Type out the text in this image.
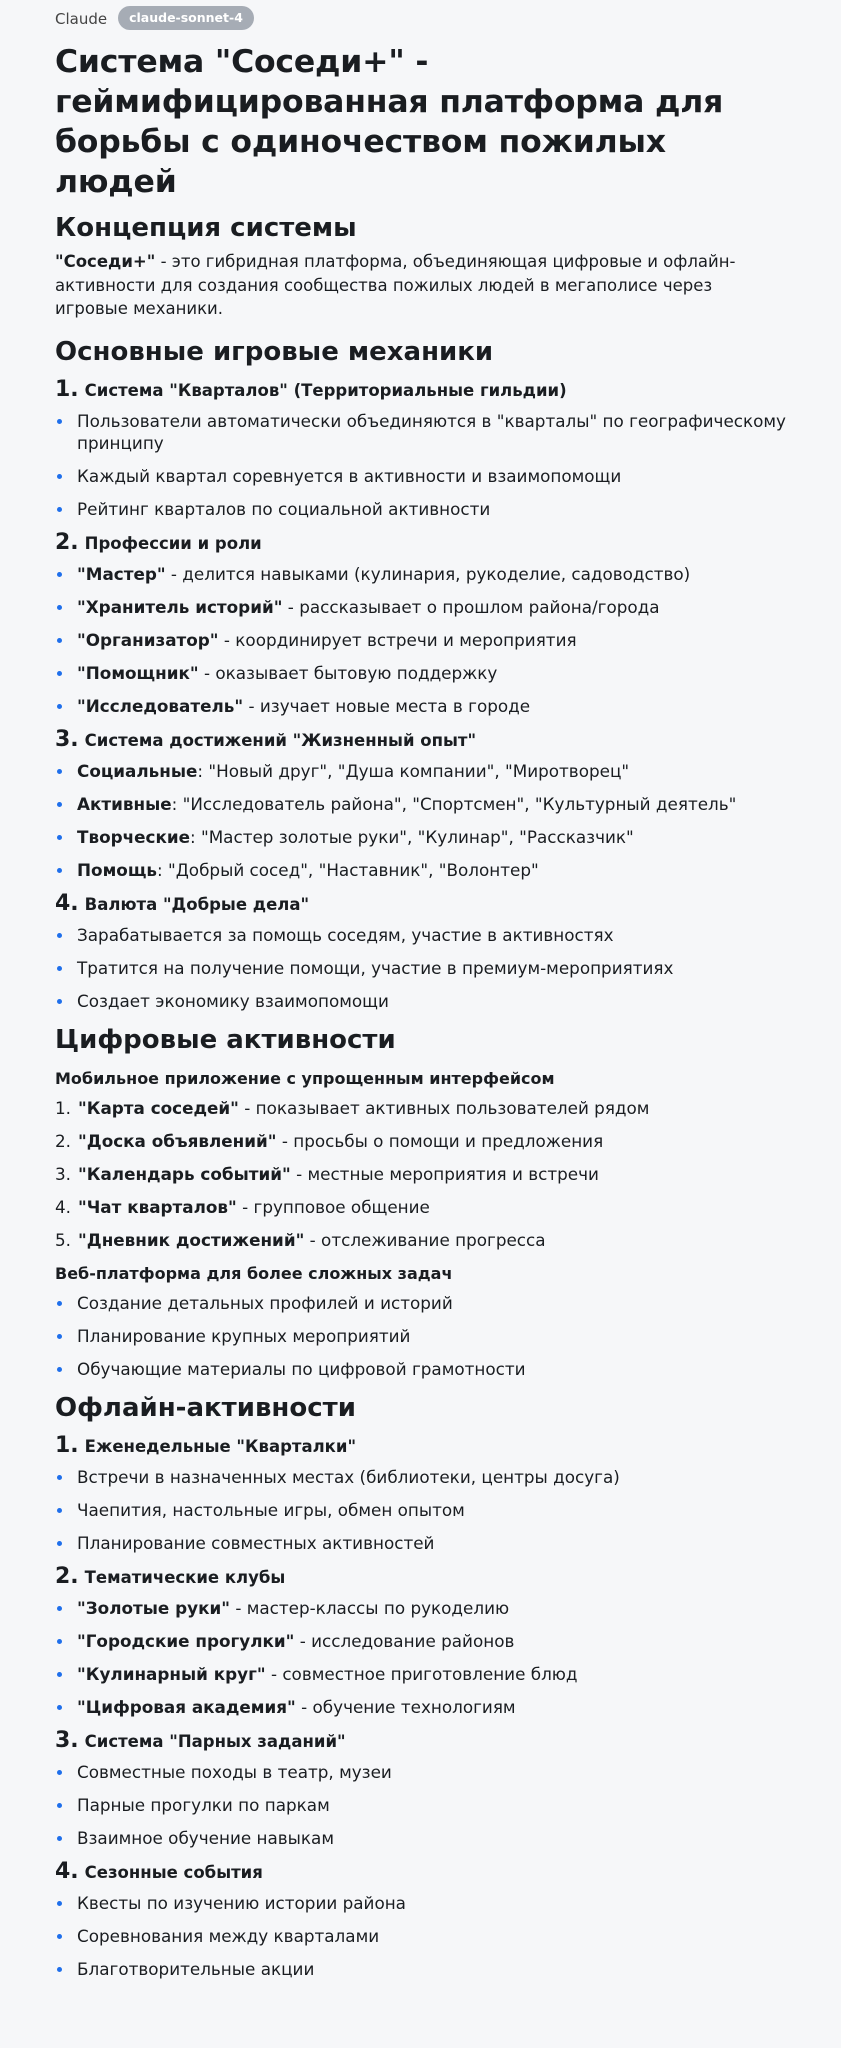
Claude	claude-sonnet-4
Система "Соседи+" - геймифицированная платформа для борьбы с одиночеством пожилых людей
Концепция системы

"Соседи+" - это гибридная платформа, объединяющая цифровые и офлайн-активности для создания сообщества пожилых людей в мегаполисе через игровые механики.

Основные игровые механики
1. Система "Кварталов" (Территориальные гильдии)
Пользователи автоматически объединяются в "кварталы" по географическому принципу
Каждый квартал соревнуется в активности и взаимопомощи
Рейтинг кварталов по социальной активности
2. Профессии и роли
"Мастер" - делится навыками (кулинария, рукоделие, садоводство)
"Хранитель историй" - рассказывает о прошлом района/города
"Организатор" - координирует встречи и мероприятия
"Помощник" - оказывает бытовую поддержку
"Исследователь" - изучает новые места в городе
3. Система достижений "Жизненный опыт"
Социальные: "Новый друг", "Душа компании", "Миротворец"
Активные: "Исследователь района", "Спортсмен", "Культурный деятель"
Творческие: "Мастер золотые руки", "Кулинар", "Рассказчик"
Помощь: "Добрый сосед", "Наставник", "Волонтер"
4. Валюта "Добрые дела"
Зарабатывается за помощь соседям, участие в активностях
Тратится на получение помощи, участие в премиум-мероприятиях
Создает экономику взаимопомощи
Цифровые активности
Мобильное приложение с упрощенным интерфейсом
1. "Карта соседей" - показывает активных пользователей рядом
2. "Доска объявлений" - просьбы о помощи и предложения
3. "Календарь событий" - местные мероприятия и встречи
4. "Чат кварталов" - групповое общение
5. "Дневник достижений" - отслеживание прогресса
Веб-платформа для более сложных задач
Создание детальных профилей и историй
Планирование крупных мероприятий
Обучающие материалы по цифровой грамотности
Офлайн-активности
1. Еженедельные "Кварталки"
Встречи в назначенных местах (библиотеки, центры досуга)
Чаепития, настольные игры, обмен опытом
Планирование совместных активностей
2. Тематические клубы
"Золотые руки" - мастер-классы по рукоделию
"Городские прогулки" - исследование районов
"Кулинарный круг" - совместное приготовление блюд
"Цифровая академия" - обучение технологиям
3. Система "Парных заданий"
Совместные походы в театр, музеи
Парные прогулки по паркам
Взаимное обучение навыкам
4. Сезонные события
Квесты по изучению истории района
Соревнования между кварталами
Благотворительные акции
